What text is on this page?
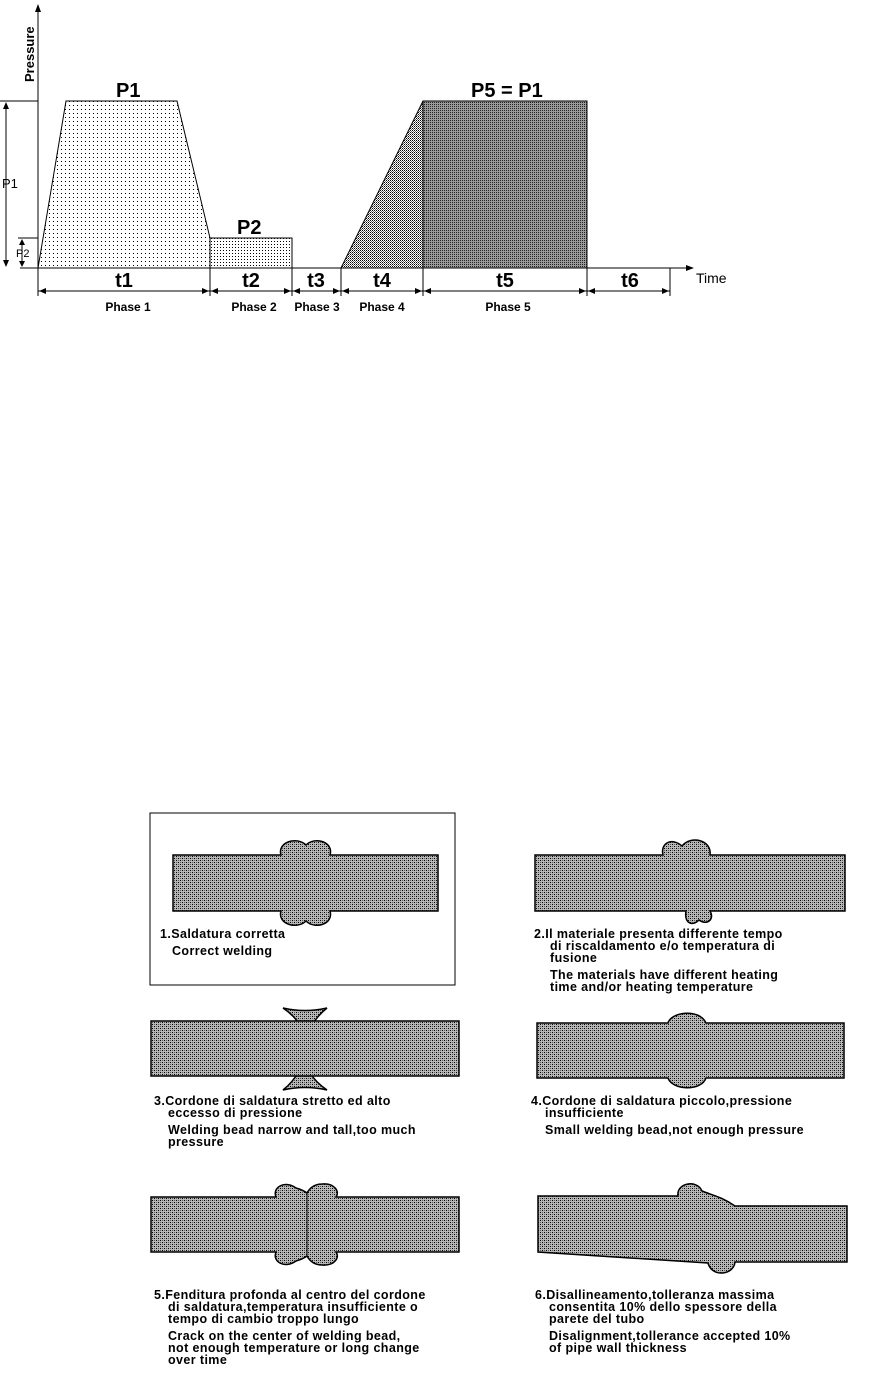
Pressure
Time
P1
P2
P5 = P1
P1
P2
t1	t2 t3 t4	t5	t6
Phase 1	Phase 2 Phase 3 Phase 4	Phase 5
1.Saldatura corretta
Correct welding
2.Il materiale presenta differente tempo
di riscaldamento e/o temperatura di
fusione
The materials have different heating
time and/or heating temperature
3.Cordone di saldatura stretto ed alto
eccesso di pressione
Welding bead narrow and tall,too much
pressure
4.Cordone di saldatura piccolo,pressione
insufficiente
Small welding bead,not enough pressure
5.Fenditura profonda al centro del cordone
di saldatura,temperatura insufficiente o
tempo di cambio troppo lungo
Crack on the center of welding bead,
not enough temperature or long change
over time
6.Disallineamento,tolleranza massima
consentita 10% dello spessore della
parete del tubo
Disalignment,tollerance accepted 10%
of pipe wall thickness
